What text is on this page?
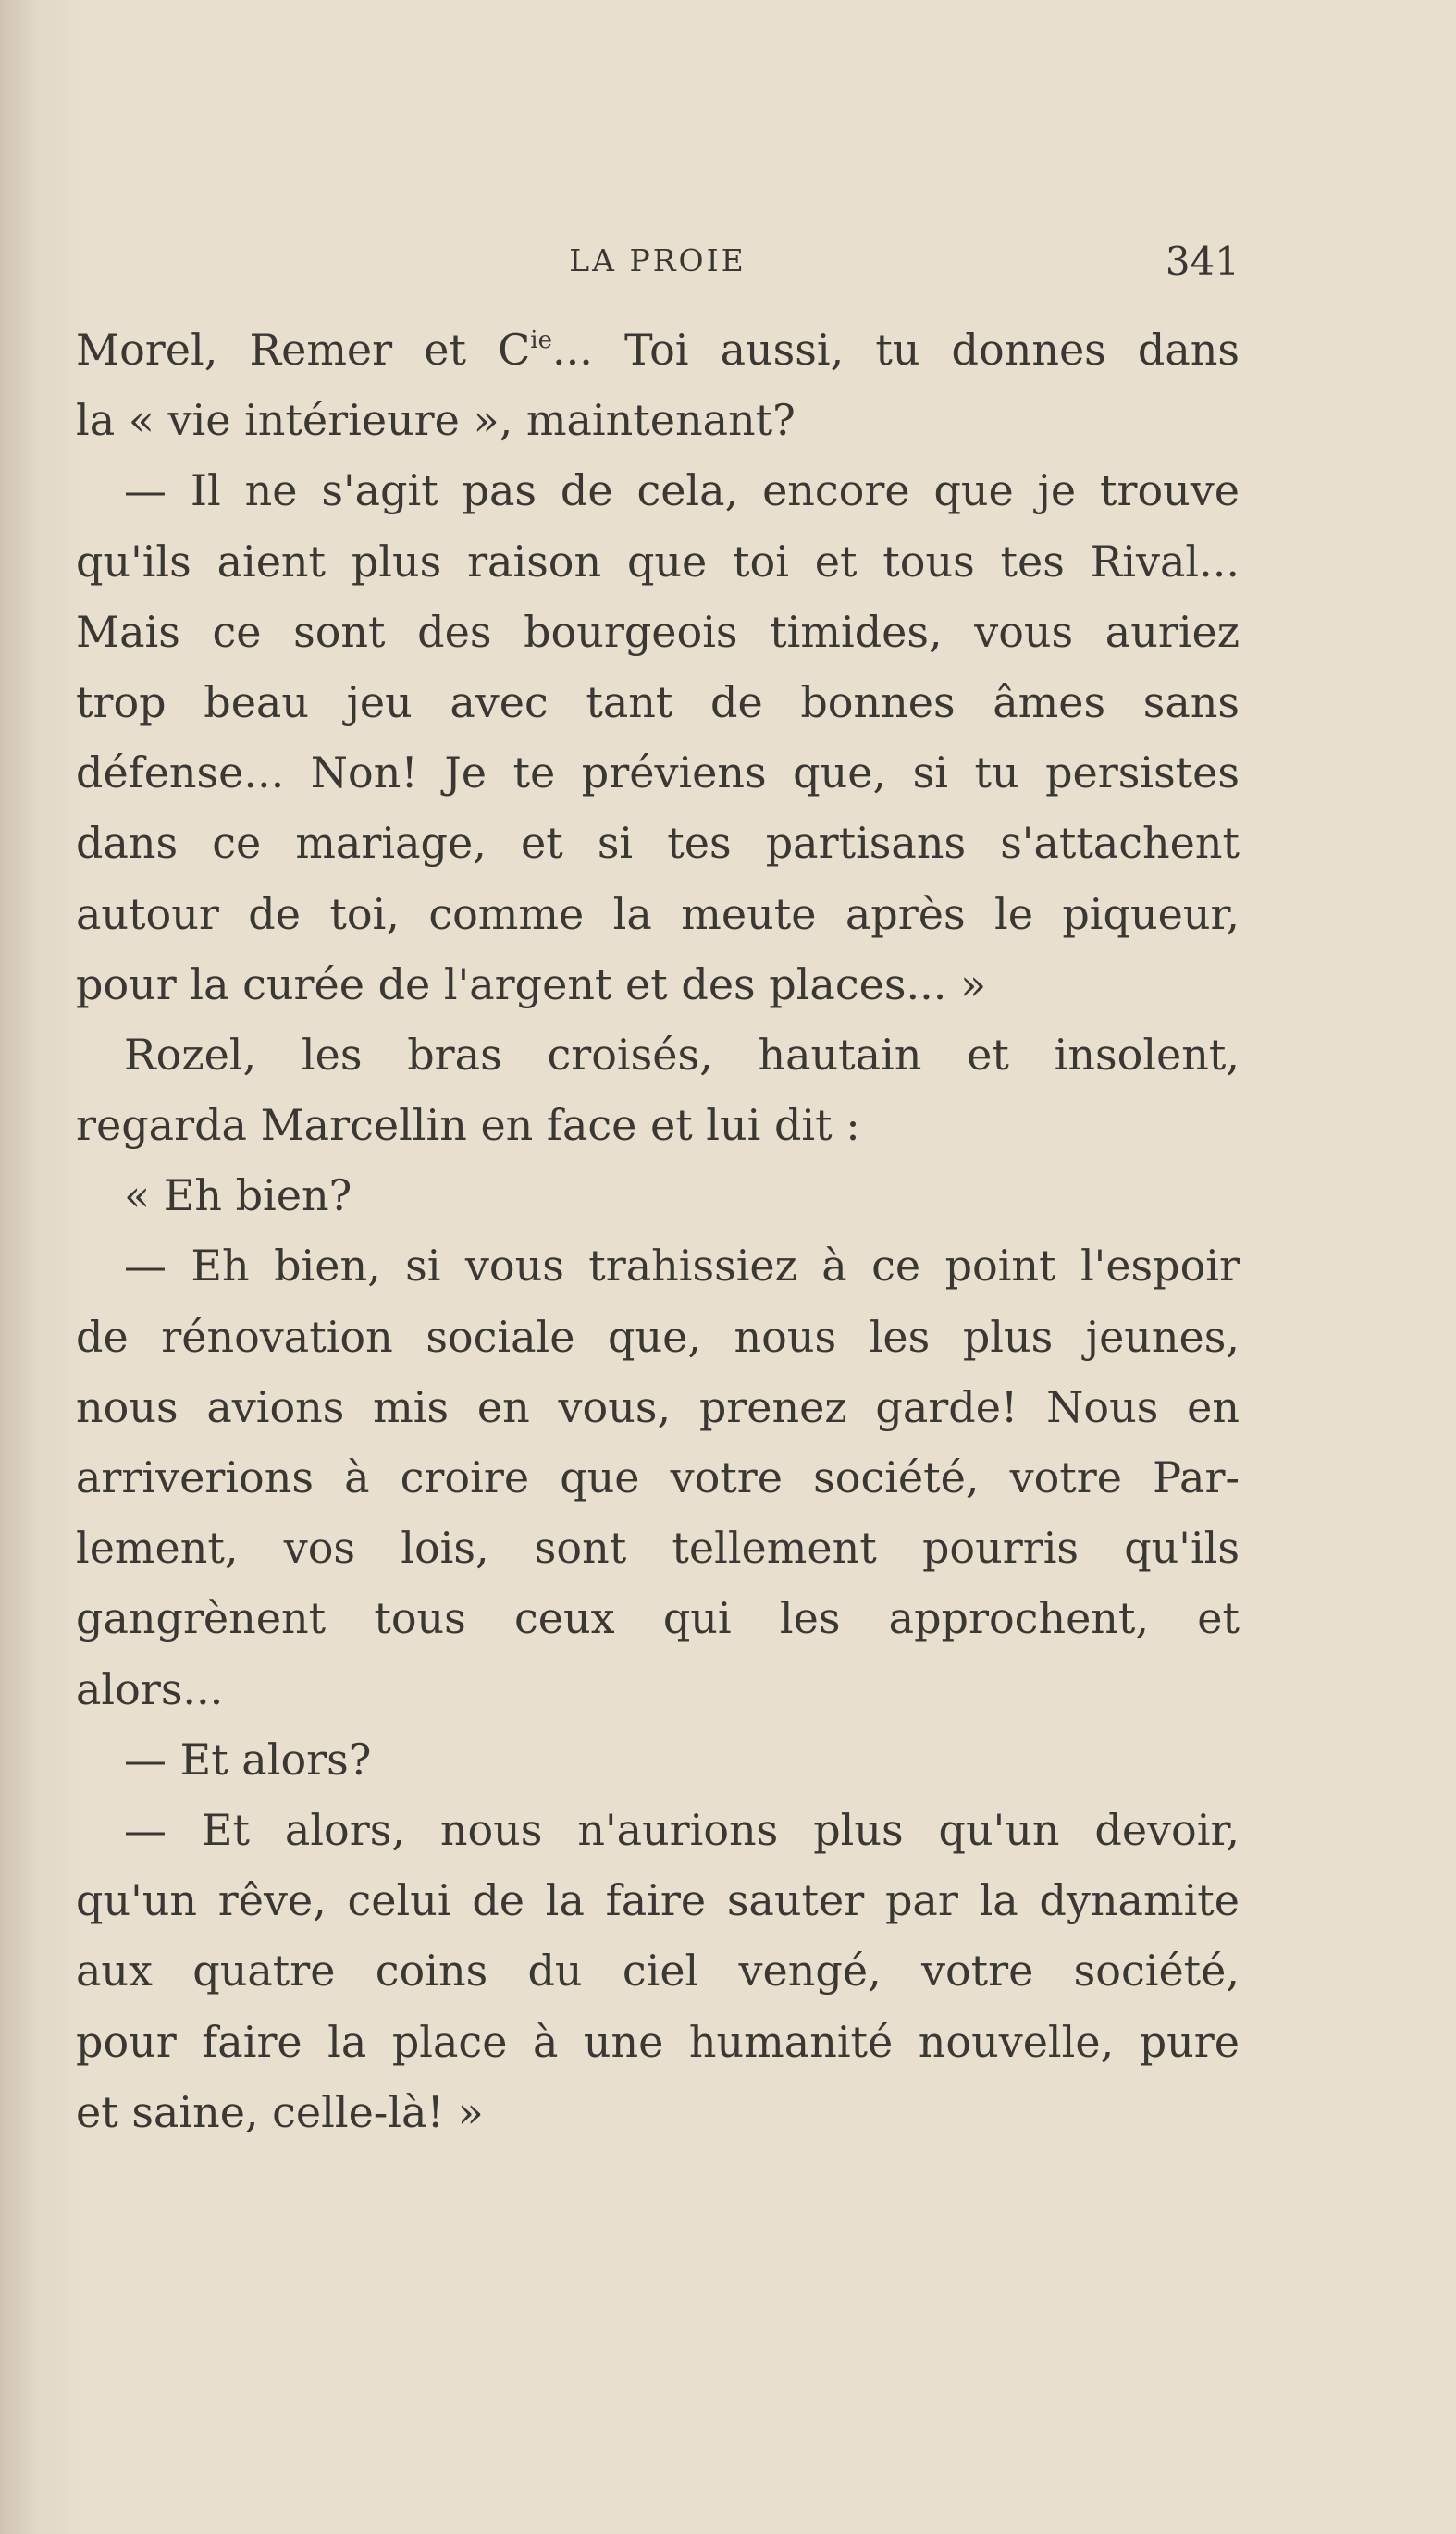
LA PROIE	341
Morel, Remer et $C^{ie}$... Toi aussi, tu donnes dans
la « vie intérieure », maintenant?
— Il ne s'agit pas de cela, encore que je trouve
qu'ils aient plus raison que toi et tous tes Rival...
Mais ce sont des bourgeois timides, vous auriez
trop beau jeu avec tant de bonnes âmes sans
défense... Non! Je te préviens que, si tu persistes
dans ce mariage, et si tes partisans s'attachent
autour de toi, comme la meute après le piqueur,
pour la curée de l'argent et des places... »
Rozel, les bras croisés, hautain et insolent,
regarda Marcellin en face et lui dit :
« Eh bien?
— Eh bien, si vous trahissiez à ce point l'espoir
de rénovation sociale que, nous les plus jeunes,
nous avions mis en vous, prenez garde! Nous en
arriverions à croire que votre société, votre Par-
lement, vos lois, sont tellement pourris qu'ils
gangrènent tous ceux qui les approchent, et
alors...
— Et alors?
— Et alors, nous n'aurions plus qu'un devoir,
qu'un rêve, celui de la faire sauter par la dynamite
aux quatre coins du ciel vengé, votre société,
pour faire la place à une humanité nouvelle, pure
et saine, celle-là! »
